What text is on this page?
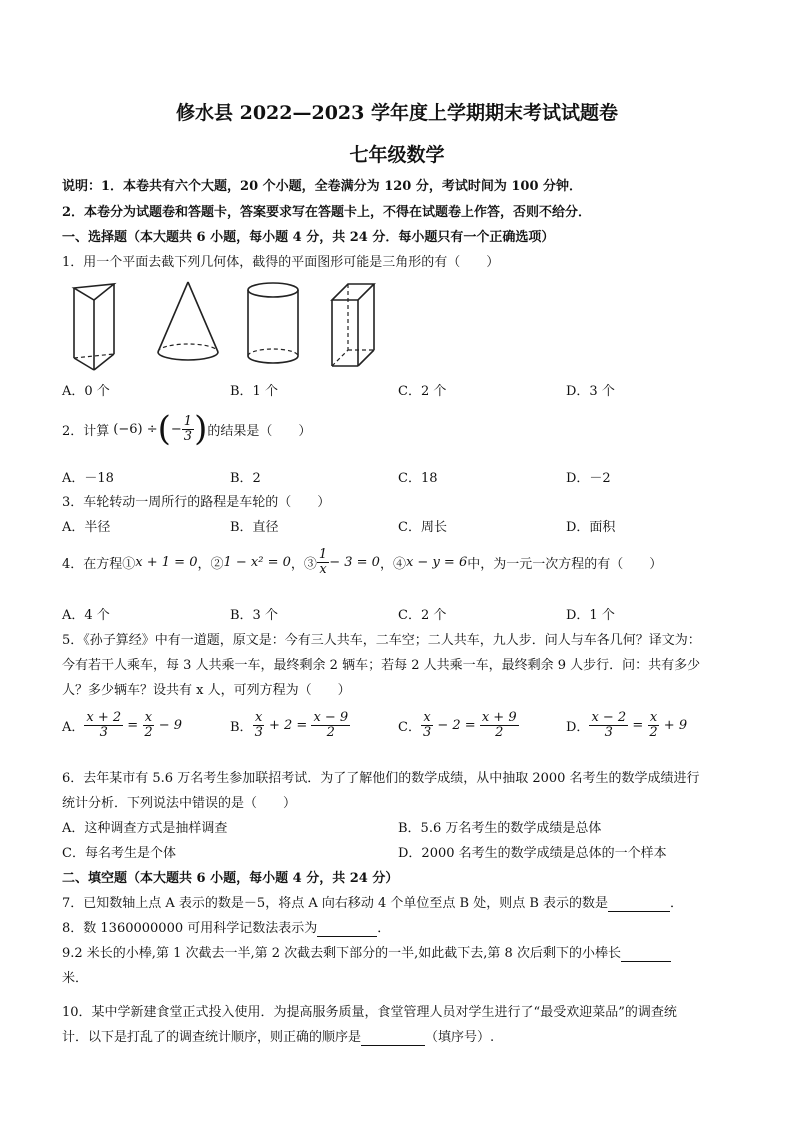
修水县 2022—2023 学年度上学期期末考试试题卷
七年级数学
说明：1．本卷共有六个大题，20 个小题，全卷满分为 120 分，考试时间为 100 分钟．
2．本卷分为试题卷和答题卡，答案要求写在答题卡上，不得在试题卷上作答，否则不给分．
一、选择题（本大题共 6 小题，每小题 4 分，共 24 分．每小题只有一个正确选项）
1．用一个平面去截下列几何体，截得的平面图形可能是三角形的有（　　）
A．0 个	B．1 个	C．2 个	D．3 个
2．计算 (−6) ÷ ( − $\frac{1}{3}$ ) 的结果是（　　）
A．－18	B．2	C．18	D．－2
3．车轮转动一周所行的路程是车轮的（　　）
A．半径	B．直径	C．周长	D．面积
4．在方程① x + 1 = 0 ，② 1 − x² = 0 ，③ $\frac{1}{x} - 3 = 0$ ，④ x − y = 6 中，为一元一次方程的有（　　）
A．4 个	B．3 个	C．2 个	D．1 个
5．《孙子算经》中有一道题，原文是：今有三人共车，二车空；二人共车，九人步．问人与车各几何？译文为：
今有若干人乘车，每 3 人共乘一车，最终剩余 2 辆车；若每 2 人共乘一车，最终剩余 9 人步行．问：共有多少
人？多少辆车？设共有 x 人，可列方程为（　　）
A． $\frac{x + 2}{3} = \frac{x}{2} - 9$	B． $\frac{x}{3} + 2 = \frac{x - 9}{2}$	C． $\frac{x}{3} - 2 = \frac{x + 9}{2}$	D． $\frac{x - 2}{3} = \frac{x}{2} + 9$
6．去年某市有 5.6 万名考生参加联招考试．为了了解他们的数学成绩，从中抽取 2000 名考生的数学成绩进行
统计分析．下列说法中错误的是（　　）
A．这种调查方式是抽样调查	B．5.6 万名考生的数学成绩是总体
C．每名考生是个体	D．2000 名考生的数学成绩是总体的一个样本
二、填空题（本大题共 6 小题，每小题 4 分，共 24 分）
7．已知数轴上点 A 表示的数是－5，将点 A 向右移动 4 个单位至点 B 处，则点 B 表示的数是	．
8．数 1360000000 可用科学记数法表示为	．
9.2 米长的小棒,第 1 次截去一半,第 2 次截去剩下部分的一半,如此截下去,第 8 次后剩下的小棒长
米．
10．某中学新建食堂正式投入使用．为提高服务质量，食堂管理人员对学生进行了“最受欢迎菜品”的调查统
计．以下是打乱了的调查统计顺序，则正确的顺序是	（填序号）.
